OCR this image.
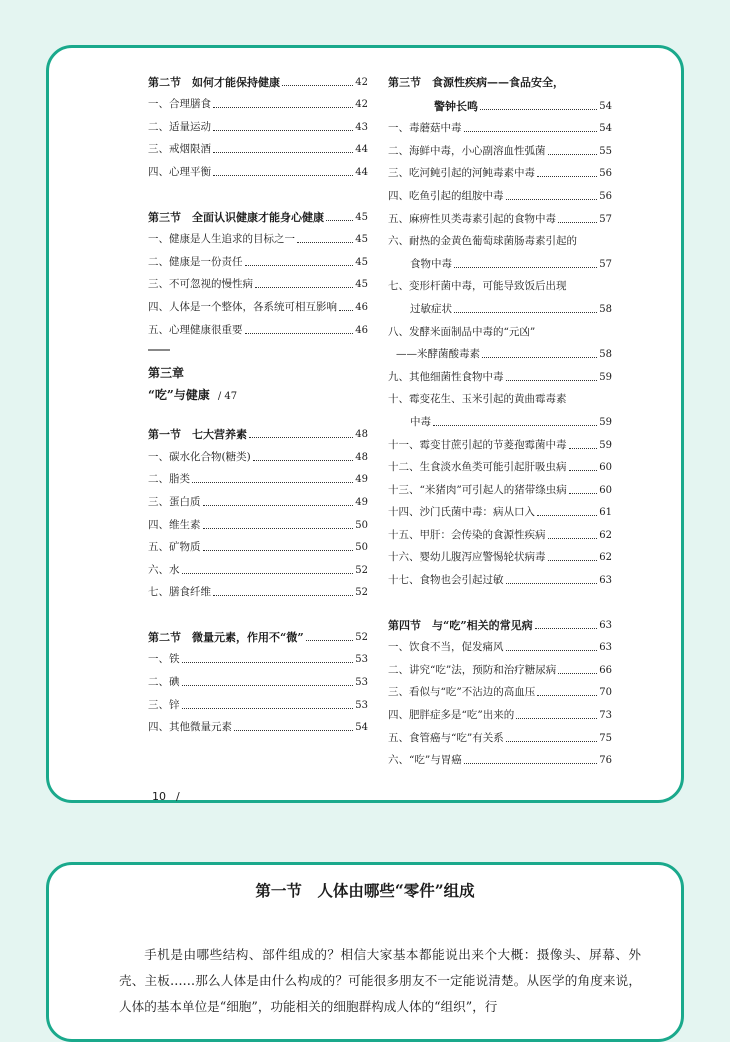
第二节　如何才能保持健康	42
一、合理膳食	42
二、适量运动	43
三、戒烟限酒	44
四、心理平衡	44
第三节　全面认识健康才能身心健康	45
一、健康是人生追求的目标之一	45
二、健康是一份责任	45
三、不可忽视的慢性病	45
四、人体是一个整体，各系统可相互影响 46
五、心理健康很重要	46
第三章
“吃”与健康 / 47
第一节　七大营养素	48
一、碳水化合物(糖类)	48
二、脂类	49
三、蛋白质	49
四、维生素	50
五、矿物质	50
六、水	52
七、膳食纤维	52
第二节　微量元素，作用不“微”	52
一、铁	53
二、碘	53
三、锌	53
四、其他微量元素	54
第三节　食源性疾病——食品安全，
警钟长鸣	54
一、毒蘑菇中毒	54
二、海鲜中毒，小心副溶血性弧菌	55
三、吃河鲀引起的河鲀毒素中毒	56
四、吃鱼引起的组胺中毒	56
五、麻痹性贝类毒素引起的食物中毒	57
六、耐热的金黄色葡萄球菌肠毒素引起的
食物中毒	57
七、变形杆菌中毒，可能导致饭后出现
过敏症状	58
八、发酵米面制品中毒的“元凶”
——米酵菌酸毒素	58
九、其他细菌性食物中毒	59
十、霉变花生、玉米引起的黄曲霉毒素
中毒	59
十一、霉变甘蔗引起的节菱孢霉菌中毒	59
十二、生食淡水鱼类可能引起肝吸虫病	60
十三、“米猪肉”可引起人的猪带绦虫病	60
十四、沙门氏菌中毒：病从口入	61
十五、甲肝：会传染的食源性疾病	62
十六、婴幼儿腹泻应警惕轮状病毒	62
十七、食物也会引起过敏	63
第四节　与“吃”相关的常见病	63
一、饮食不当，促发痛风	63
二、讲究“吃”法，预防和治疗糖尿病	66
三、看似与“吃”不沾边的高血压	70
四、肥胖症多是“吃”出来的	73
五、食管癌与“吃”有关系	75
六、“吃”与胃癌	76
10 /
第一节　人体由哪些“零件”组成

手机是由哪些结构、部件组成的？相信大家基本都能说出来个大概：摄像头、屏幕、外壳、主板……那么人体是由什么构成的？可能很多朋友不一定能说清楚。从医学的角度来说，人体的基本单位是“细胞”，功能相关的细胞群构成人体的“组织”，行
